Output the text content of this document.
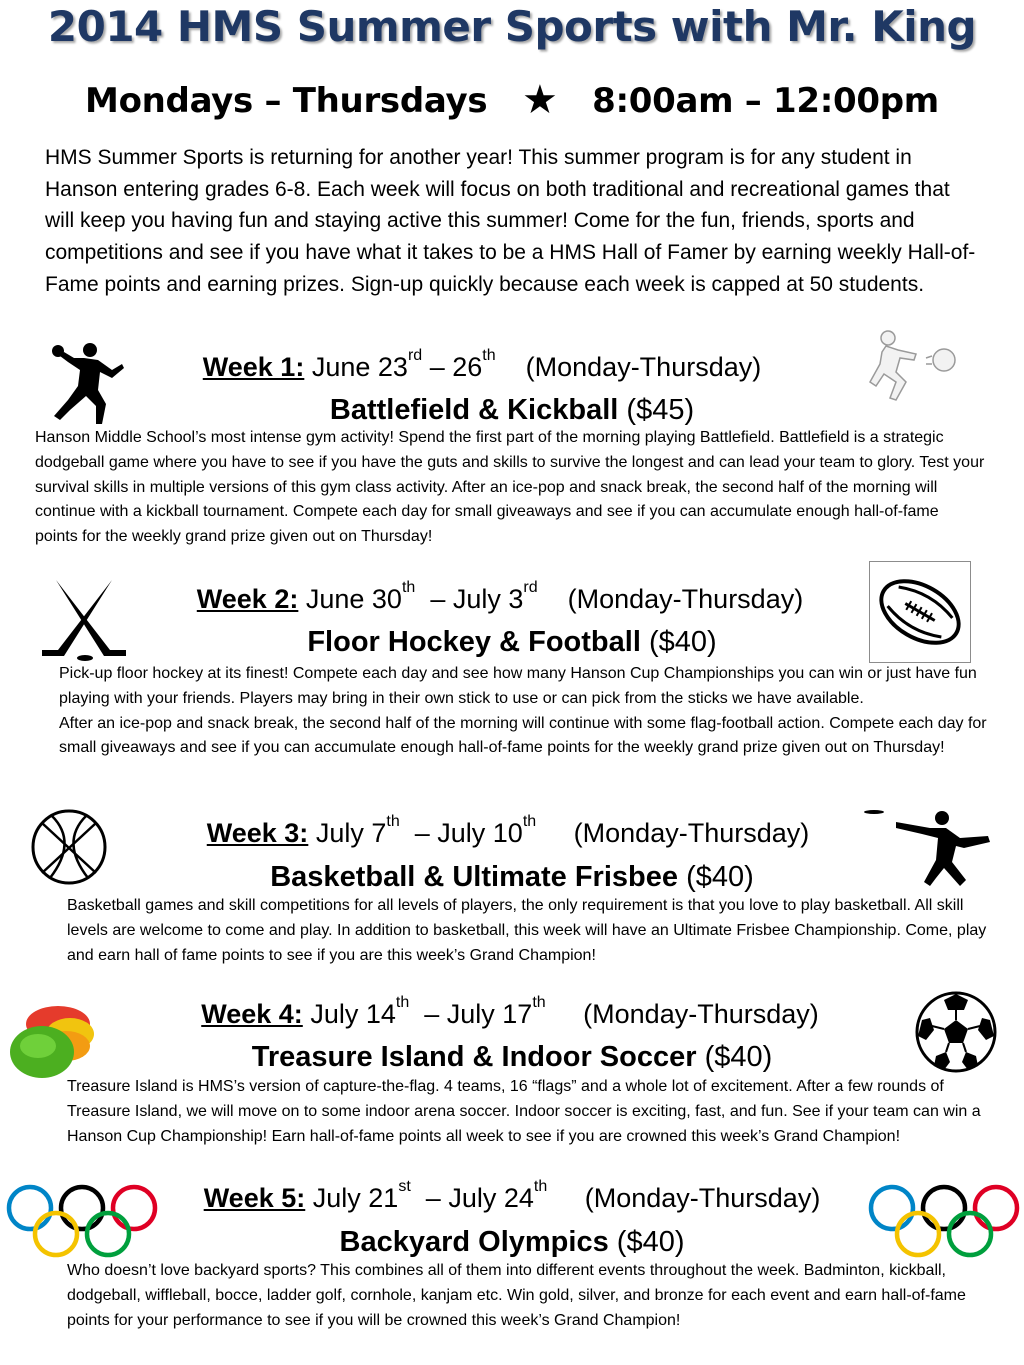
2014 HMS Summer Sports with Mr. King
Mondays – Thursdays ★ 8:00am – 12:00pm
HMS Summer Sports is returning for another year! This summer program is for any student in Hanson entering grades 6-8. Each week will focus on both traditional and recreational games that will keep you having fun and staying active this summer! Come for the fun, friends, sports and competitions and see if you have what it takes to be a HMS Hall of Famer by earning weekly Hall-of-Fame points and earning prizes. Sign-up quickly because each week is capped at 50 students.
Week 1: June 23rd – 26th (Monday-Thursday)
Battlefield & Kickball ($45)
Hanson Middle School’s most intense gym activity! Spend the first part of the morning playing Battlefield. Battlefield is a strategic dodgeball game where you have to see if you have the guts and skills to survive the longest and can lead your team to glory. Test your survival skills in multiple versions of this gym class activity. After an ice-pop and snack break, the second half of the morning will continue with a kickball tournament. Compete each day for small giveaways and see if you can accumulate enough hall-of-fame points for the weekly grand prize given out on Thursday!
Week 2: June 30th – July 3rd (Monday-Thursday)
Floor Hockey & Football ($40)
Pick-up floor hockey at its finest! Compete each day and see how many Hanson Cup Championships you can win or just have fun playing with your friends. Players may bring in their own stick to use or can pick from the sticks we have available.
After an ice-pop and snack break, the second half of the morning will continue with some flag-football action. Compete each day for small giveaways and see if you can accumulate enough hall-of-fame points for the weekly grand prize given out on Thursday!
Week 3: July 7th – July 10th (Monday-Thursday)
Basketball & Ultimate Frisbee ($40)
Basketball games and skill competitions for all levels of players, the only requirement is that you love to play basketball. All skill levels are welcome to come and play. In addition to basketball, this week will have an Ultimate Frisbee Championship. Come, play and earn hall of fame points to see if you are this week’s Grand Champion!
Week 4: July 14th – July 17th (Monday-Thursday)
Treasure Island & Indoor Soccer ($40)
Treasure Island is HMS’s version of capture-the-flag. 4 teams, 16 “flags” and a whole lot of excitement. After a few rounds of Treasure Island, we will move on to some indoor arena soccer. Indoor soccer is exciting, fast, and fun. See if your team can win a Hanson Cup Championship! Earn hall-of-fame points all week to see if you are crowned this week’s Grand Champion!
Week 5: July 21st – July 24th (Monday-Thursday)
Backyard Olympics ($40)
Who doesn’t love backyard sports? This combines all of them into different events throughout the week. Badminton, kickball, dodgeball, wiffleball, bocce, ladder golf, cornhole, kanjam etc. Win gold, silver, and bronze for each event and earn hall-of-fame points for your performance to see if you will be crowned this week’s Grand Champion!
